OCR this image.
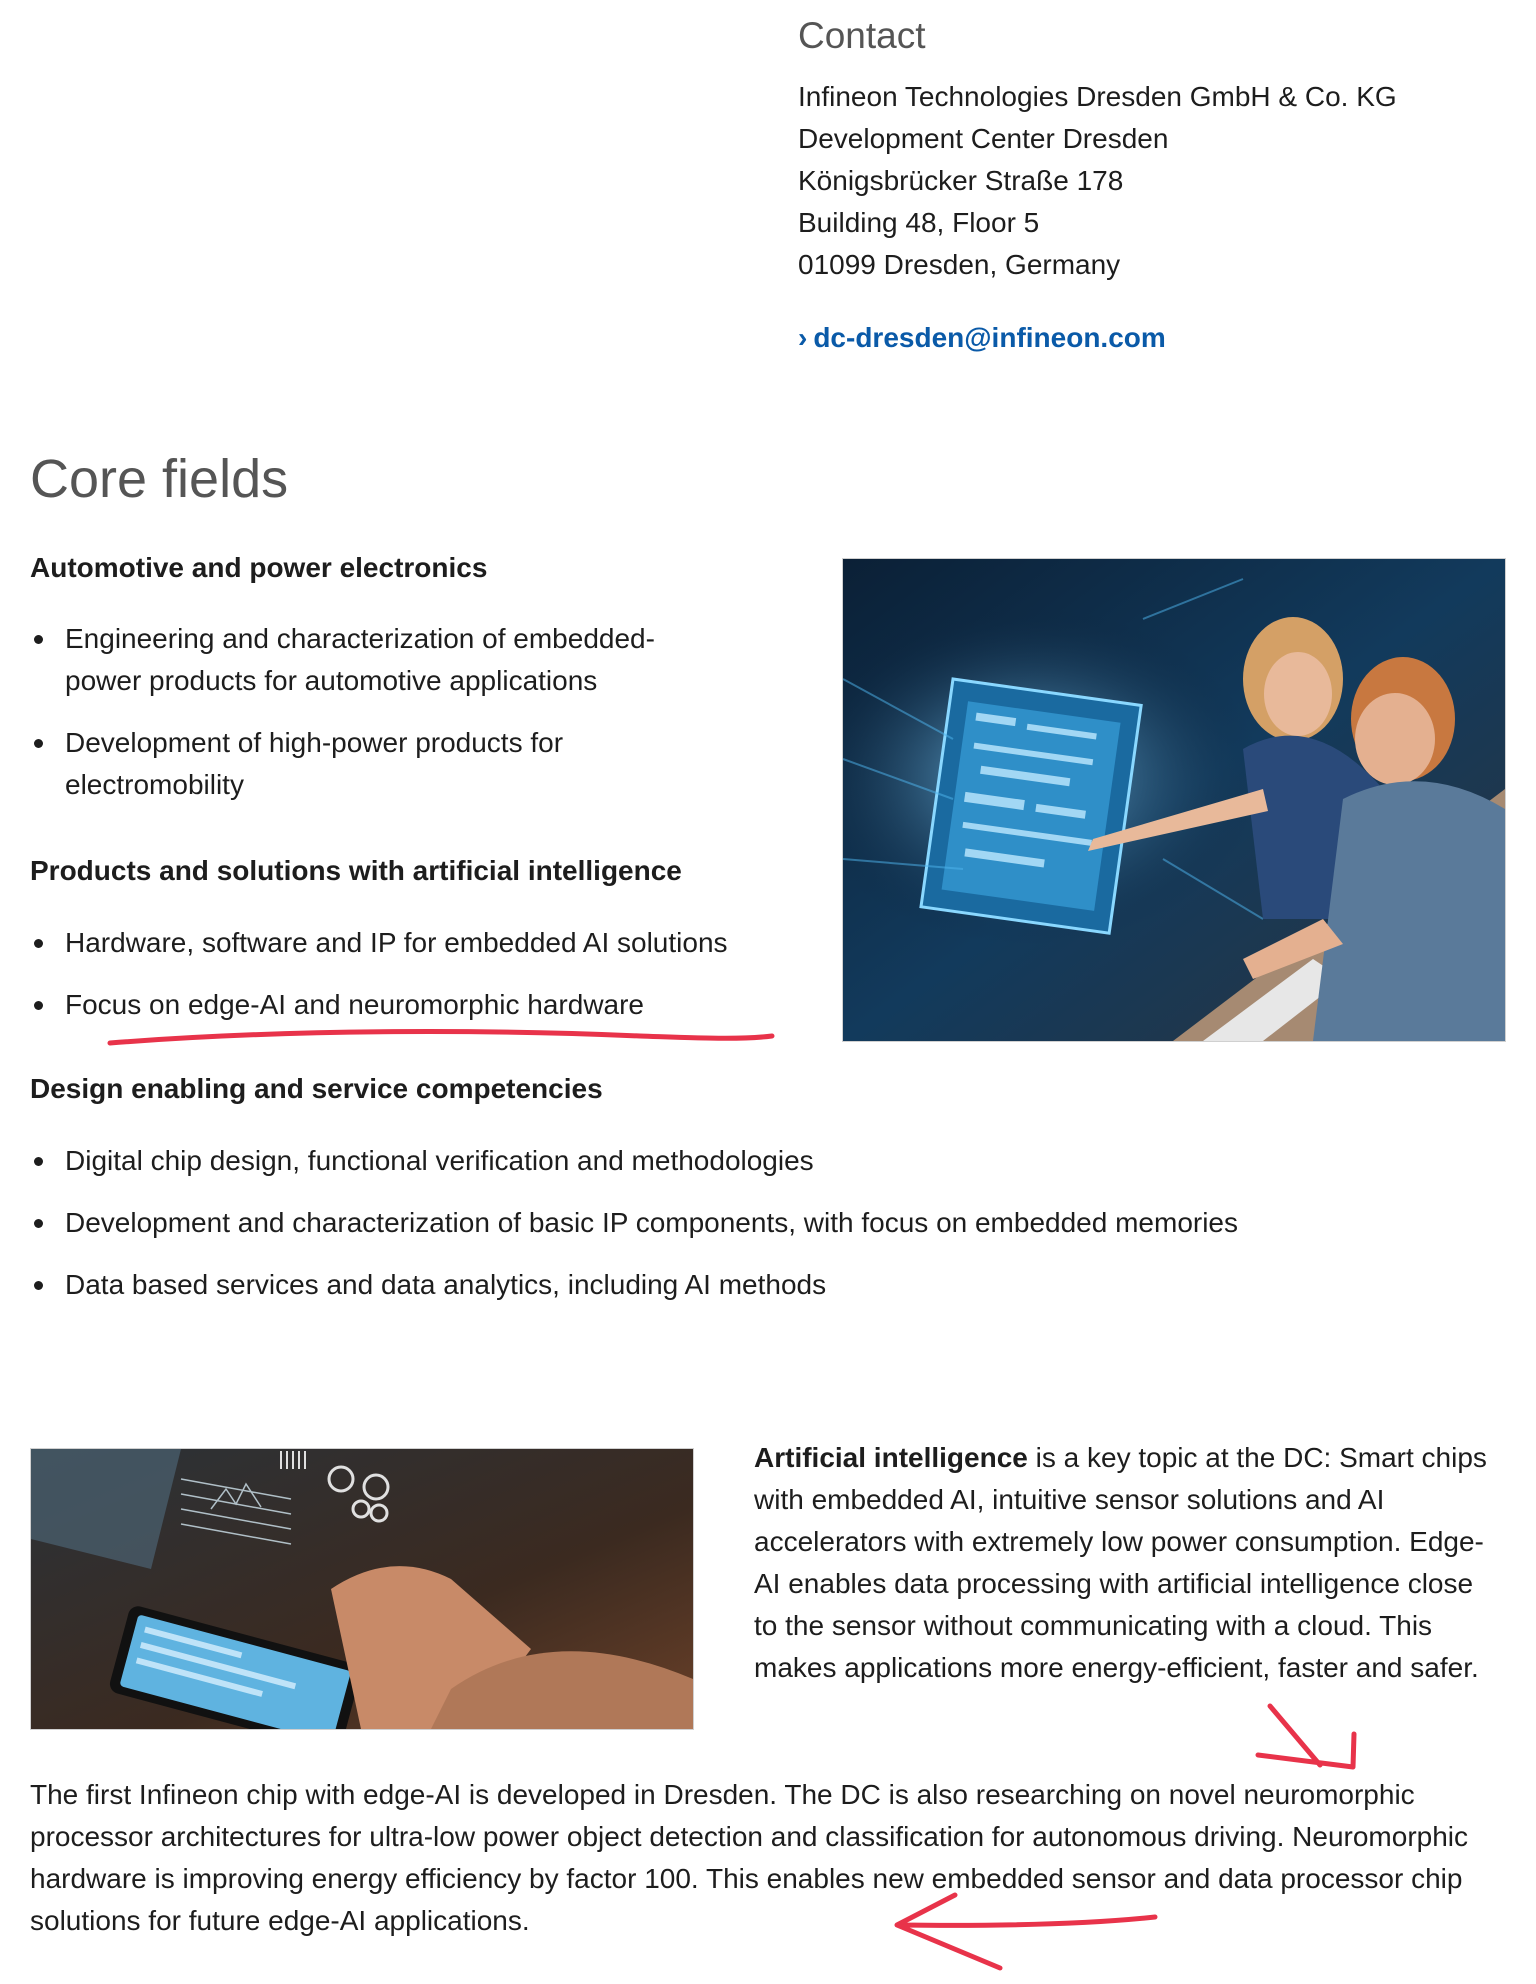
Contact
Infineon Technologies Dresden GmbH & Co. KG
Development Center Dresden
Königsbrücker Straße 178
Building 48, Floor 5
01099 Dresden, Germany
› dc-dresden@infineon.com
Core fields
Automotive and power electronics
Engineering and characterization of embedded-power products for automotive applications
Development of high-power products for electromobility
Products and solutions with artificial intelligence
Hardware, software and IP for embedded AI solutions
Focus on edge-AI and neuromorphic hardware
Design enabling and service competencies
Digital chip design, functional verification and methodologies
Development and characterization of basic IP components, with focus on embedded memories
Data based services and data analytics, including AI methods
Artificial intelligence is a key topic at the DC: Smart chips with embedded AI, intuitive sensor solutions and AI accelerators with extremely low power consumption. Edge-AI enables data processing with artificial intelligence close to the sensor without communicating with a cloud. This makes applications more energy-efficient, faster and safer.
The first Infineon chip with edge-AI is developed in Dresden. The DC is also researching on novel neuromorphic processor architectures for ultra-low power object detection and classification for autonomous driving. Neuromorphic hardware is improving energy efficiency by factor 100. This enables new embedded sensor and data processor chip solutions for future edge-AI applications.
